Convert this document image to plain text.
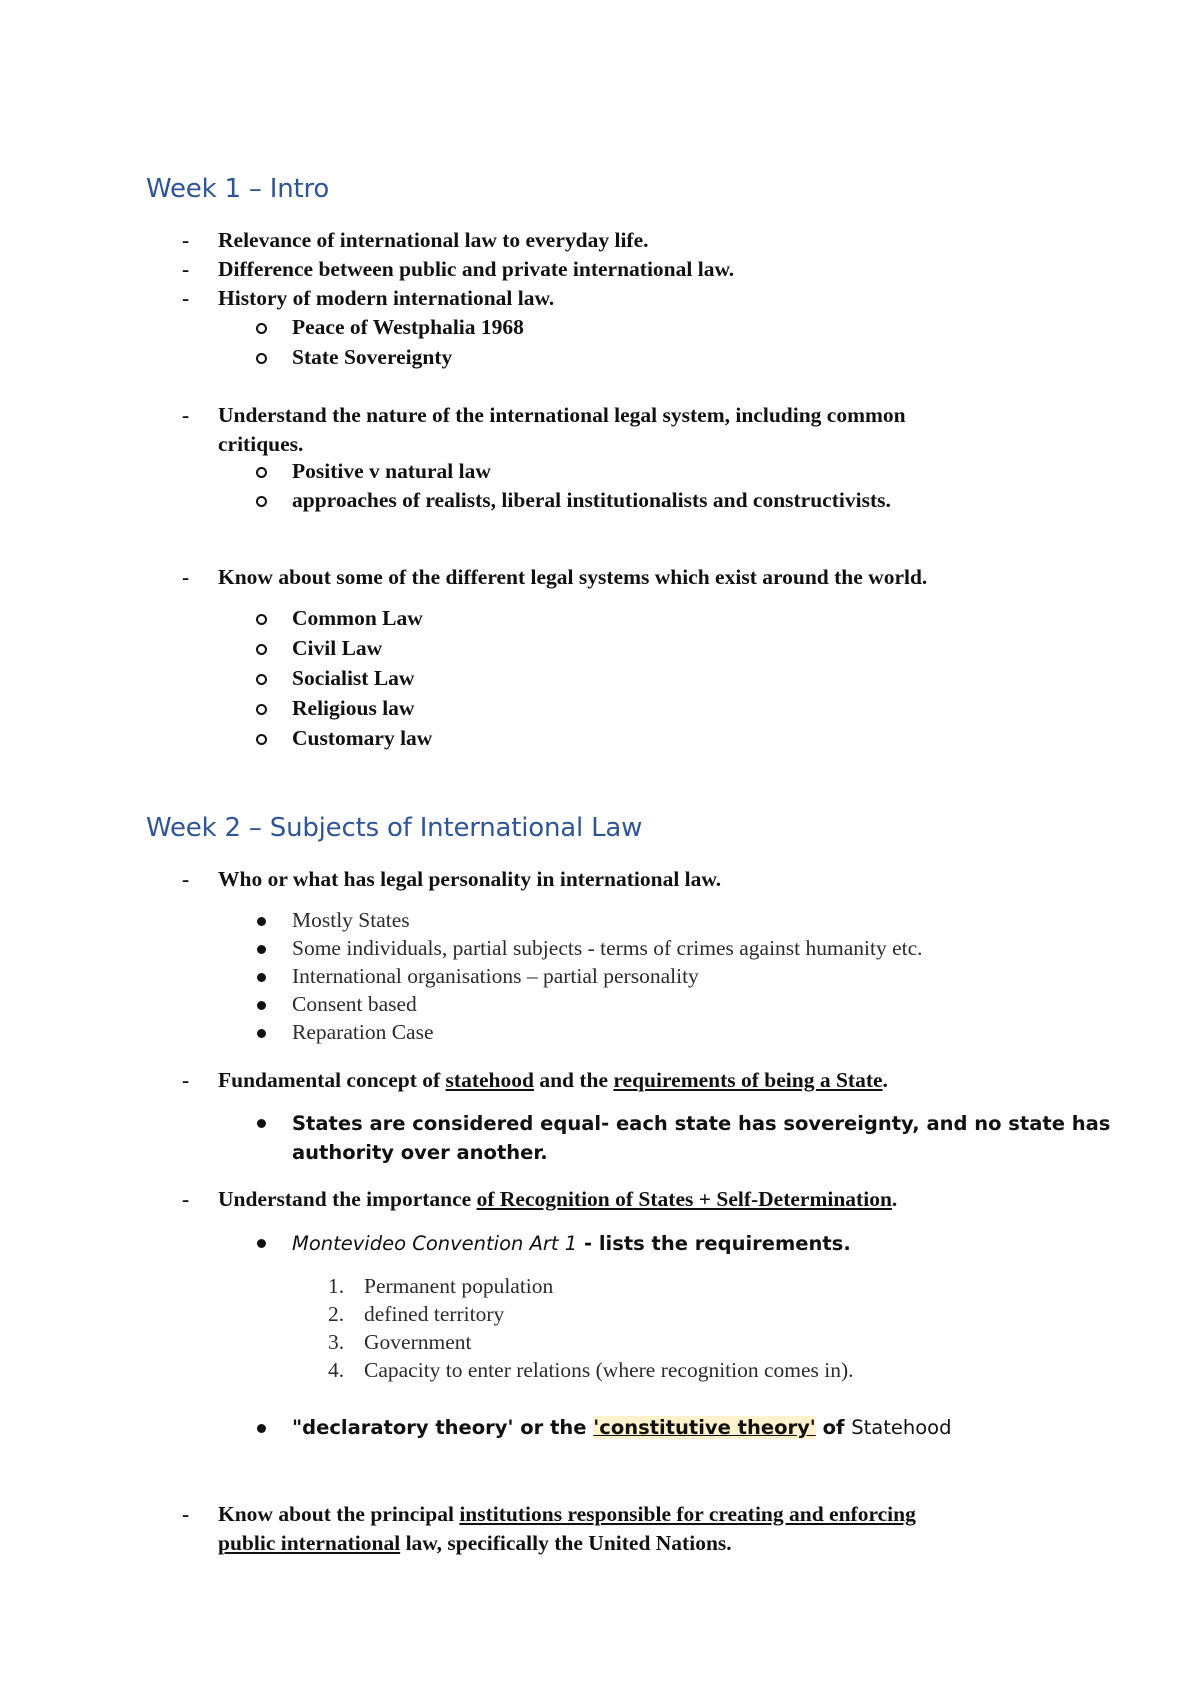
Week 1 – Intro
- Relevance of international law to everyday life.
- Difference between public and private international law.
- History of modern international law.
Peace of Westphalia 1968
State Sovereignty
- Understand the nature of the international legal system, including common
critiques.
Positive v natural law
approaches of realists, liberal institutionalists and constructivists.
- Know about some of the different legal systems which exist around the world.
Common Law
Civil Law
Socialist Law
Religious law
Customary law
Week 2 – Subjects of International Law
- Who or what has legal personality in international law.
Mostly States
Some individuals, partial subjects - terms of crimes against humanity etc.
International organisations – partial personality
Consent based
Reparation Case
- Fundamental concept of statehood and the requirements of being a State.
States are considered equal- each state has sovereignty, and no state has
authority over another.
- Understand the importance of Recognition of States + Self-Determination.
Montevideo Convention Art 1 - lists the requirements.
1. Permanent population
2. defined territory
3. Government
4. Capacity to enter relations (where recognition comes in).
"declaratory theory' or the 'constitutive theory' of Statehood
- Know about the principal institutions responsible for creating and enforcing
public international law, specifically the United Nations.
